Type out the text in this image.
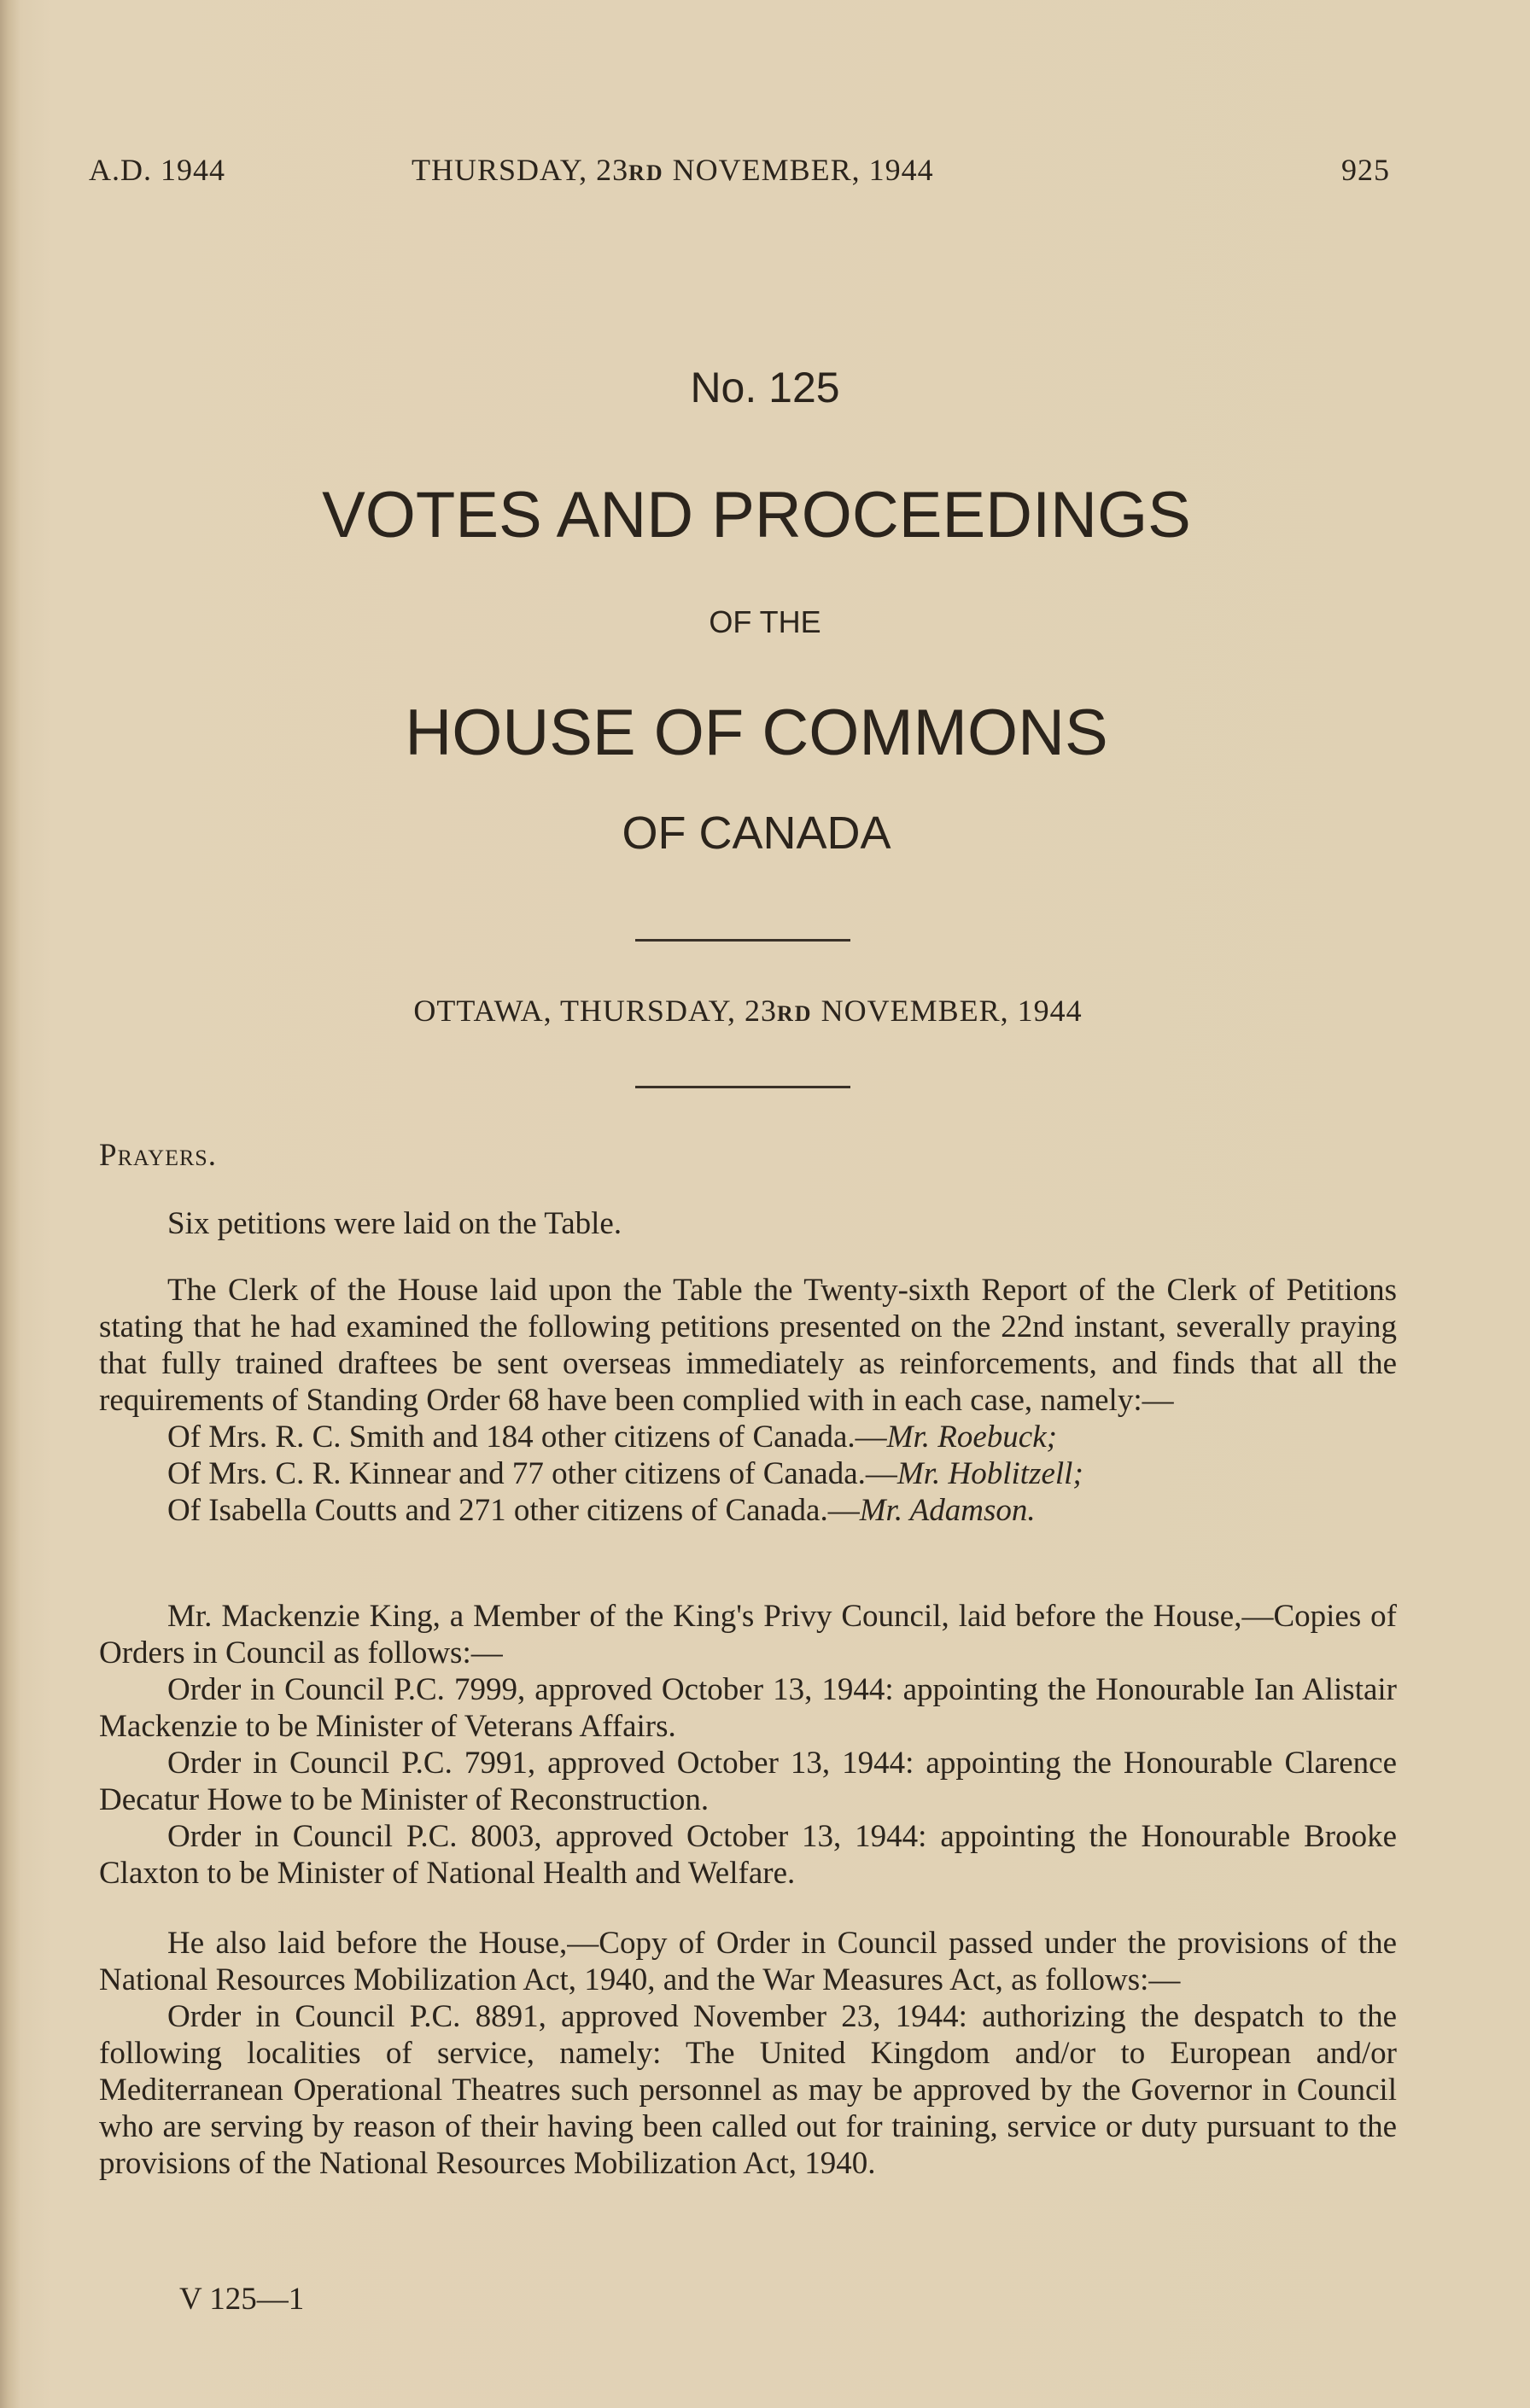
A.D. 1944	THURSDAY, 23RD NOVEMBER, 1944	925
No. 125
VOTES AND PROCEEDINGS
OF THE
HOUSE OF COMMONS
OF CANADA
OTTAWA, THURSDAY, 23RD NOVEMBER, 1944
Prayers.

Six petitions were laid on the Table.

The Clerk of the House laid upon the Table the Twenty-sixth Report of the Clerk of Petitions stating that he had examined the following petitions presented on the 22nd instant, severally praying that fully trained draftees be sent overseas immediately as reinforcements, and finds that all the requirements of Standing Order 68 have been complied with in each case, namely:—

Of Mrs. R. C. Smith and 184 other citizens of Canada.—Mr. Roebuck;

Of Mrs. C. R. Kinnear and 77 other citizens of Canada.—Mr. Hoblitzell;

Of Isabella Coutts and 271 other citizens of Canada.—Mr. Adamson.

Mr. Mackenzie King, a Member of the King's Privy Council, laid before the House,—Copies of Orders in Council as follows:—

Order in Council P.C. 7999, approved October 13, 1944: appointing the Honourable Ian Alistair Mackenzie to be Minister of Veterans Affairs.

Order in Council P.C. 7991, approved October 13, 1944: appointing the Honourable Clarence Decatur Howe to be Minister of Reconstruction.

Order in Council P.C. 8003, approved October 13, 1944: appointing the Honourable Brooke Claxton to be Minister of National Health and Welfare.

He also laid before the House,—Copy of Order in Council passed under the provisions of the National Resources Mobilization Act, 1940, and the War Measures Act, as follows:—

Order in Council P.C. 8891, approved November 23, 1944: authorizing the despatch to the following localities of service, namely: The United Kingdom and/or to European and/or Mediterranean Operational Theatres such personnel as may be approved by the Governor in Council who are serving by reason of their having been called out for training, service or duty pursuant to the provisions of the National Resources Mobilization Act, 1940.

V 125—1
